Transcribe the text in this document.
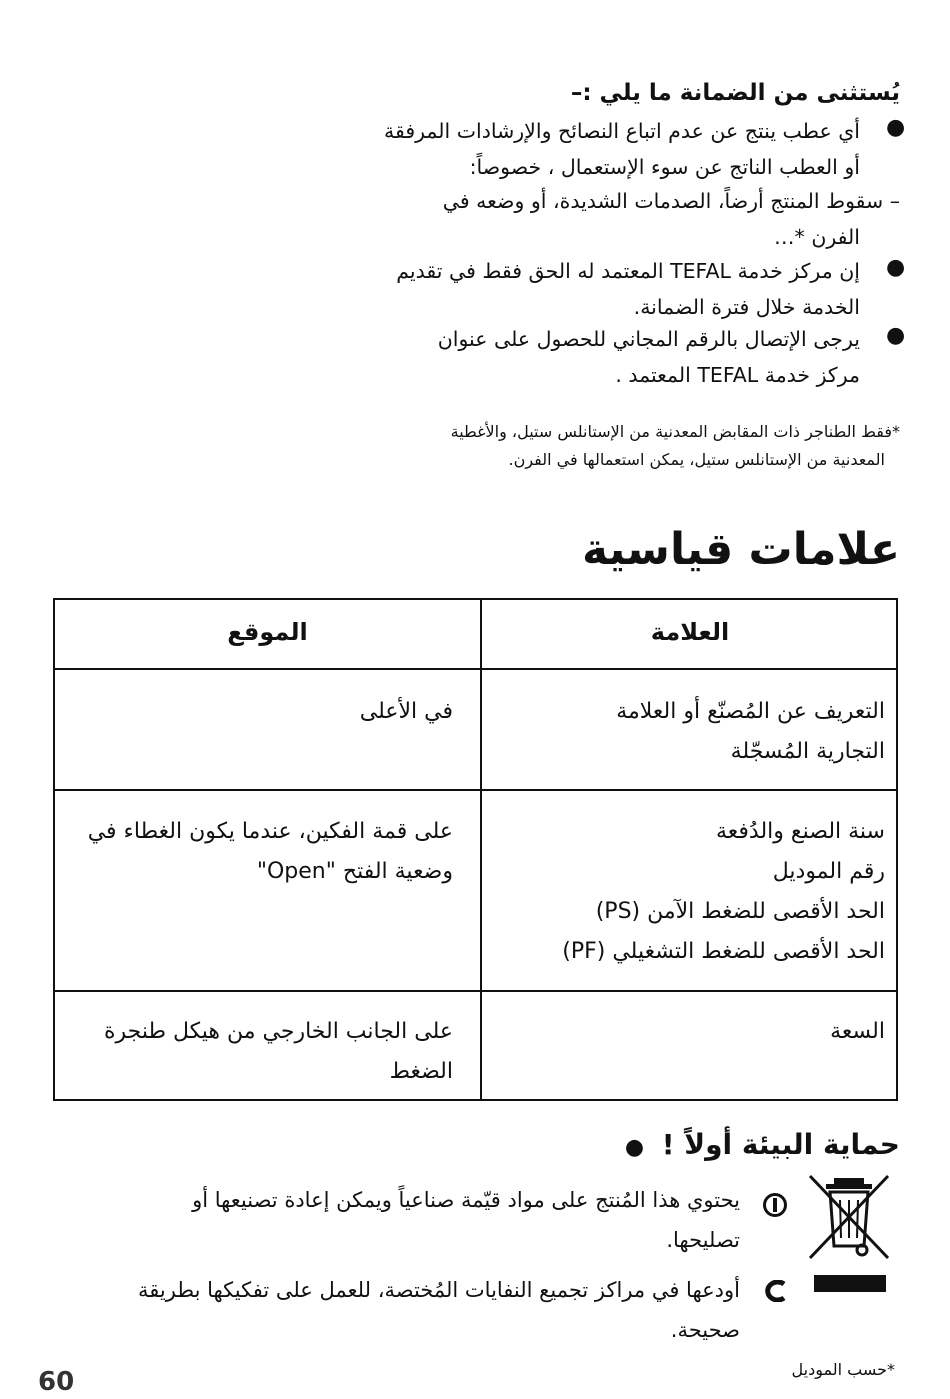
يُستثنى من الضمانة ما يلي :–
أي عطب ينتج عن عدم اتباع النصائح والإرشادات المرفقة
أو العطب الناتج عن سوء الإستعمال ، خصوصاً:
●
– سقوط المنتج أرضاً، الصدمات الشديدة، أو وضعه في
الفرن *…
إن مركز خدمة TEFAL المعتمد له الحق فقط في تقديم
الخدمة خلال فترة الضمانة.
●
يرجى الإتصال بالرقم المجاني للحصول على عنوان
مركز خدمة TEFAL المعتمد .
●
*فقط الطناجر ذات المقابض المعدنية من الإستانلس ستيل، والأغطية
المعدنية من الإستانلس ستيل، يمكن استعمالها في الفرن.
علامات قياسية
العلامة
الموقع
التعريف عن المُصنّع أو العلامة
التجارية المُسجّلة
في الأعلى
سنة الصنع والدُفعة
رقم الموديل
الحد الأقصى للضغط الآمن (PS)
الحد الأقصى للضغط التشغيلي (PF)
على قمة الفكين، عندما يكون الغطاء في
وضعية الفتح "Open"
السعة
على الجانب الخارجي من هيكل طنجرة
الضغط
حماية البيئة أولاً ! ●
يحتوي هذا المُنتج على مواد قيّمة صناعياً ويمكن إعادة تصنيعها أو
تصليحها.
أودعها في مراكز تجميع النفايات المُختصة، للعمل على تفكيكها بطريقة
صحيحة.
60	*حسب الموديل
